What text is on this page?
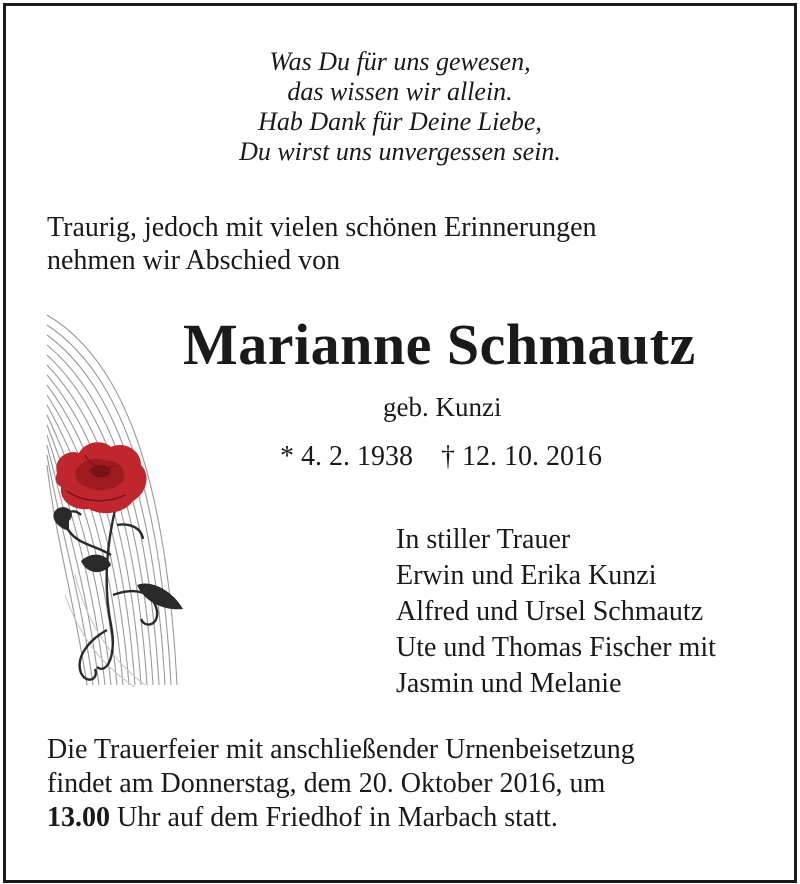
Was Du für uns gewesen,
das wissen wir allein.
Hab Dank für Deine Liebe,
Du wirst uns unvergessen sein.
Traurig, jedoch mit vielen schönen Erinnerungen
nehmen wir Abschied von
Marianne Schmautz
geb. Kunzi
* 4. 2. 1938 † 12. 10. 2016
In stiller Trauer
Erwin und Erika Kunzi
Alfred und Ursel Schmautz
Ute und Thomas Fischer mit
Jasmin und Melanie
Die Trauerfeier mit anschließender Urnenbeisetzung
findet am Donnerstag, dem 20. Oktober 2016, um
13.00 Uhr auf dem Friedhof in Marbach statt.
